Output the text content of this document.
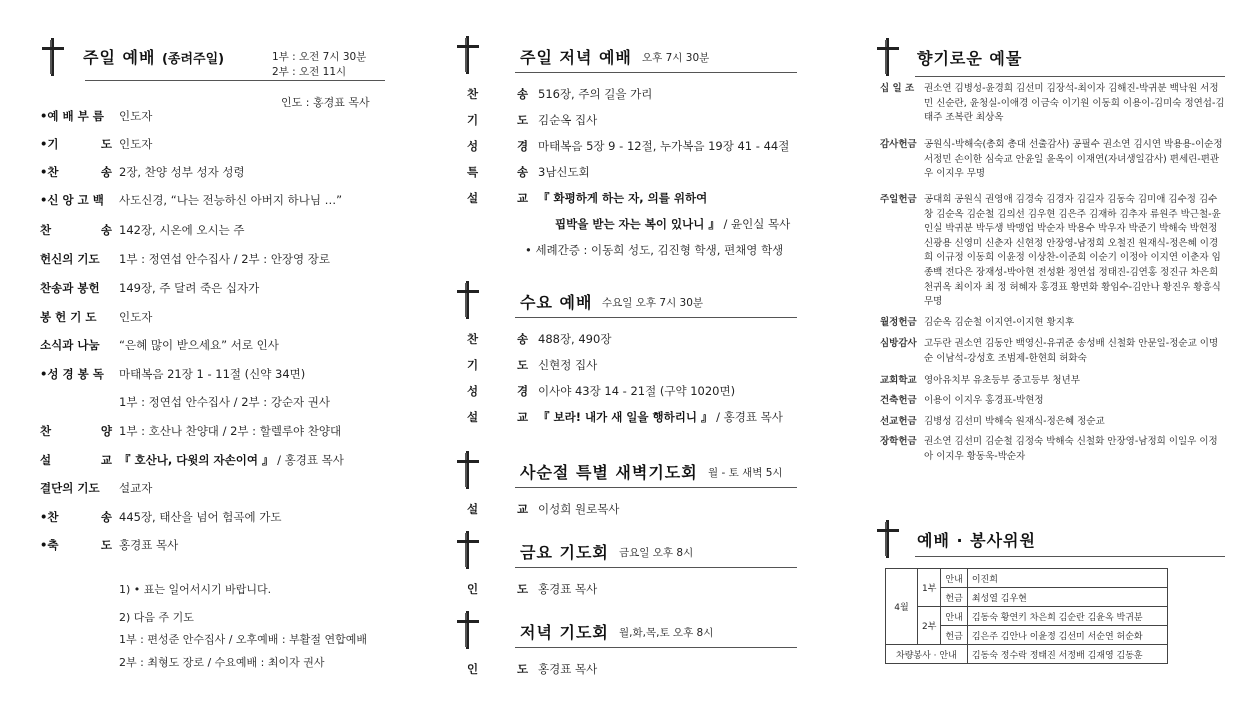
주일 예배 (종려주일)	1부 : 오전 7시 30분
2부 : 오전 11시
인도 : 홍경표 목사
•예 배 부 름 인도자
•기	도 인도자
•찬	송 2장, 찬양 성부 성자 성령
•신 앙 고 백 사도신경, “나는 전능하신 아버지 하나님 …”
찬	송 142장, 시온에 오시는 주
헌신의 기도 1부 : 정연섭 안수집사 / 2부 : 안장영 장로
찬송과 봉헌 149장, 주 달려 죽은 십자가
봉 헌 기 도 인도자
소식과 나눔 “은혜 많이 받으세요” 서로 인사
•성 경 봉 독 마태복음 21장 1 - 11절 (신약 34면)
1부 : 정연섭 안수집사 / 2부 : 강순자 권사
찬	양 1부 : 호산나 찬양대 / 2부 : 할렐루야 찬양대
설	교 『 호산나, 다윗의 자손이여 』 / 홍경표 목사
결단의 기도 설교자
•찬	송 445장, 태산을 넘어 험곡에 가도
•축	도 홍경표 목사
1) • 표는 일어서시기 바랍니다.
2) 다음 주 기도
1부 : 편성준 안수집사 / 오후예배 : 부활절 연합예배
2부 : 최형도 장로 / 수요예배 : 최이자 권사
주일 저녁 예배 오후 7시 30분
찬	송 516장, 주의 길을 가리
기	도 김순옥 집사
성	경 마태복음 5장 9 - 12절, 누가복음 19장 41 - 44절
특	송 3남신도회
설	교 『 화평하게 하는 자, 의를 위하여
핍박을 받는 자는 복이 있나니 』 / 윤인실 목사
• 세례간증 : 이동희 성도, 김진형 학생, 편채영 학생
수요 예배 수요일 오후 7시 30분
찬	송 488장, 490장
기	도 신현정 집사
성	경 이사야 43장 14 - 21절 (구약 1020면)
설	교 『 보라! 내가 새 일을 행하리니 』 / 홍경표 목사
사순절 특별 새벽기도회 월 - 토 새벽 5시
설	교 이성희 원로목사
금요 기도회 금요일 오후 8시
인	도 홍경표 목사
저녁 기도회 월,화,목,토 오후 8시
인	도 홍경표 목사
향기로운 예물
십 일 조 권소연 김병성-윤경희 김선미 김장석-최이자 김해진-박귀분 백낙원 서정민 신순란, 윤청실-이애경 이금숙 이기원 이동희 이용이-김미숙 정연섭-김태주 조복란 최상옥
감사헌금 공원식-박해숙(총회 총대 선출감사) 공필수 권소연 김시연 박용용-이순정 서정민 손이한 심숙교 안윤일 윤옥이 이재연(자녀생일감사) 편세린-편관우 이지우 무명
주일헌금 공대희 공원식 권영애 김경숙 김경자 김길자 김동숙 김미애 김수정 김수창 김순옥 김순철 김의선 김우현 김은주 김재하 김추자 류원주 박근철-윤인실 박귀분 박두생 박맹업 박순자 박용수 박우자 박준기 박해숙 박현정 신광용 신영미 신춘자 신현정 안장영-남정희 오철진 원재식-정은혜 이경희 이규정 이동희 이윤정 이상찬-이준희 이순기 이정아 이지연 이춘자 임종백 전다은 장재성-박아현 전성환 정연섭 정태진-김연홍 정진규 차은희 천귀옥 최이자 최 정 허혜자 홍경표 황면화 황임수-김안나 황진우 황흥식 무명
월정헌금 김순옥 김순철 이지연-이지현 황지후
심방감사 고두란 권소연 김동안 백영신-유귀준 송성배 신철화 안문일-정순교 이명순 이남석-강성호 조범제-한현희 허화숙
교회학교 영아유치부 유초등부 중고등부 청년부
건축헌금 이용이 이지우 홍경표-박현정
선교헌금 김병성 김선미 박해숙 원재식-정은혜 정순교
장학헌금 권소연 김선미 김순철 김정숙 박해숙 신철화 안장영-남정희 이일우 이정아 이지우 황동욱-박순자
예배 · 봉사위원
4월	1부	안내	이진희
		헌금	최성열 김우현
	2부	안내	김동숙 황연키 차은희 김순란 김윤옥 박귀분
		헌금	김은주 김안나 이윤정 김선미 서순연 허순화
차량봉사 · 안내			김동숙 정수락 정태진 서정배 김재영 김동훈
